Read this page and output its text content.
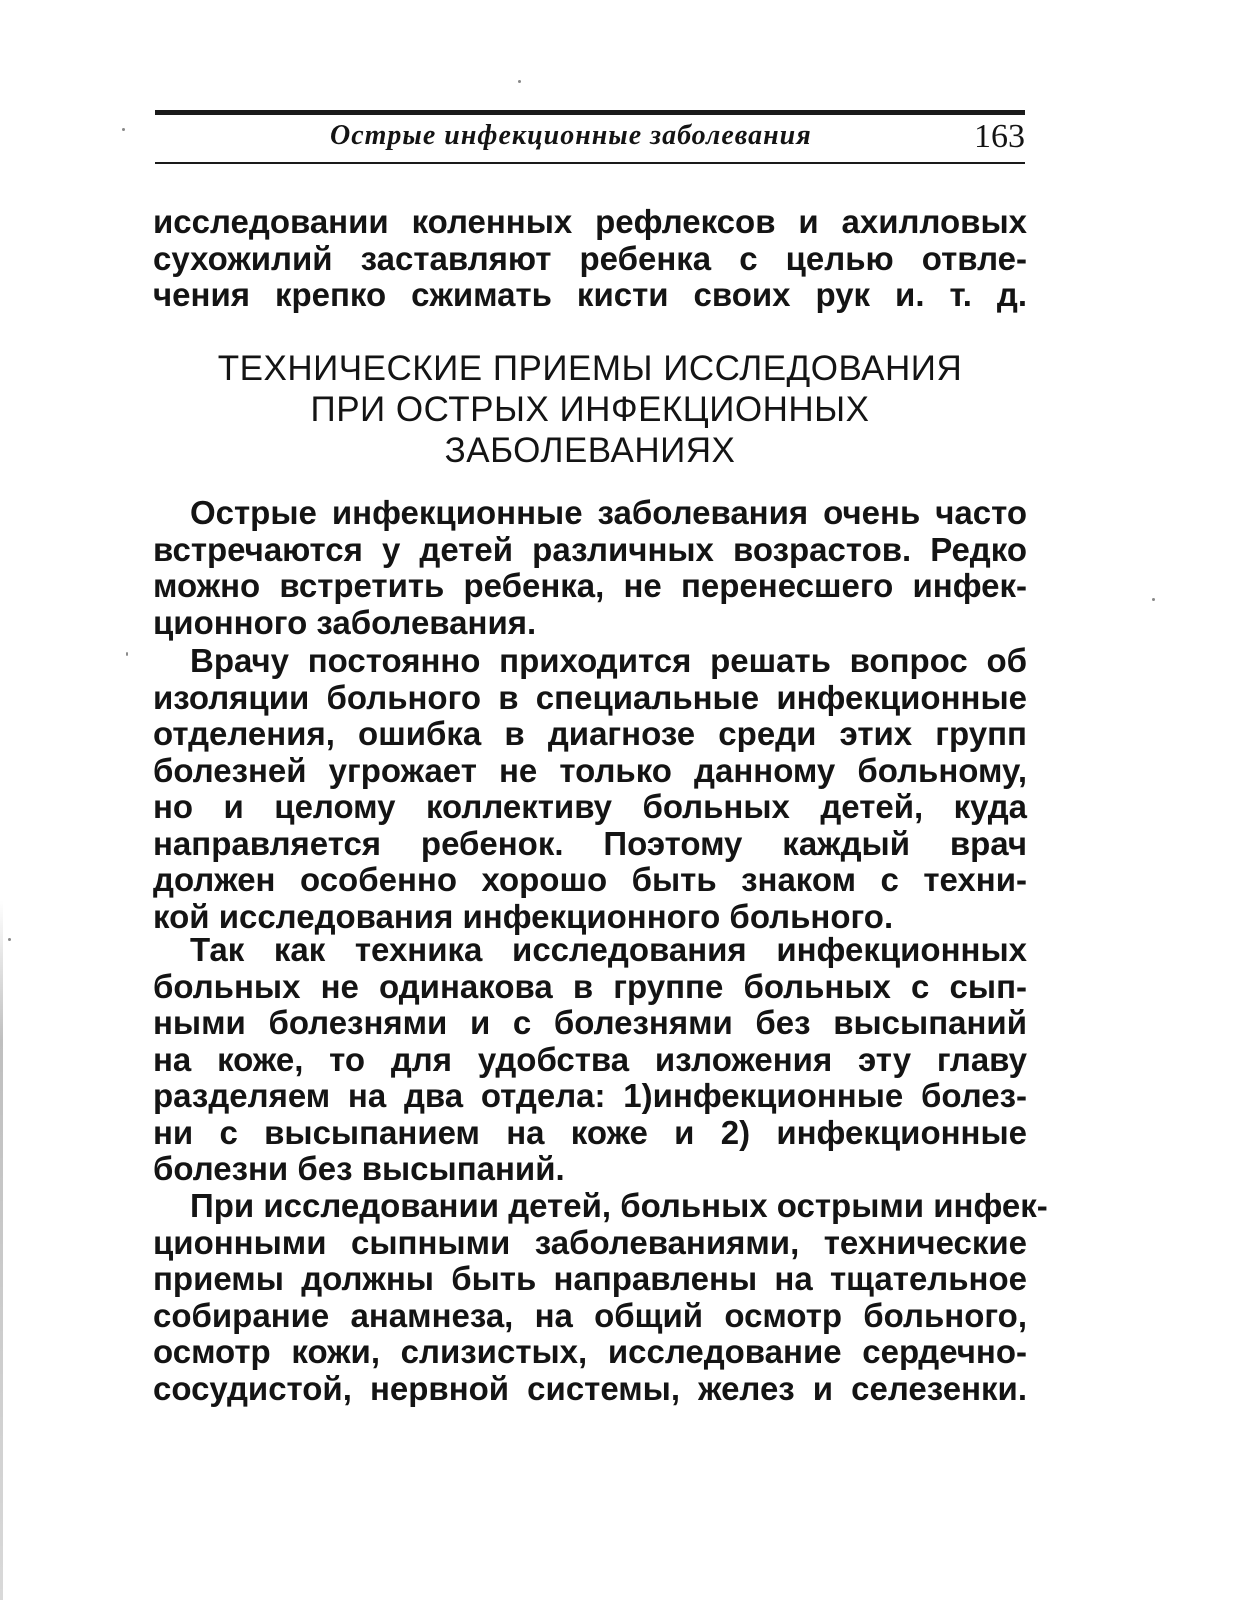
Острые инфекционные заболевания	163
исследовании коленных рефлексов и ахилловых
сухожилий заставляют ребенка с целью отвле-
чения крепко сжимать кисти своих рук и. т. д.
ТЕХНИЧЕСКИЕ ПРИЕМЫ ИССЛЕДОВАНИЯ
ПРИ ОСТРЫХ ИНФЕКЦИОННЫХ
ЗАБОЛЕВАНИЯХ
Острые инфекционные заболевания очень часто
встречаются у детей различных возрастов. Редко
можно встретить ребенка, не перенесшего инфек-
ционного заболевания.
Врачу постоянно приходится решать вопрос об
изоляции больного в специальные инфекционные
отделения, ошибка в диагнозе среди этих групп
болезней угрожает не только данному больному,
но и целому коллективу больных детей, куда
направляется ребенок. Поэтому каждый врач
должен особенно хорошо быть знаком с техни-
кой исследования инфекционного больного.
Так как техника исследования инфекционных
больных не одинакова в группе больных с сып-
ными болезнями и с болезнями без высыпаний
на коже, то для удобства изложения эту главу
разделяем на два отдела: 1)инфекционные болез-
ни с высыпанием на коже и 2) инфекционные
болезни без высыпаний.
При исследовании детей, больных острыми инфек-
ционными сыпными заболеваниями, технические
приемы должны быть направлены на тщательное
собирание анамнеза, на общий осмотр больного,
осмотр кожи, слизистых, исследование сердечно-
сосудистой, нервной системы, желез и селезенки.
